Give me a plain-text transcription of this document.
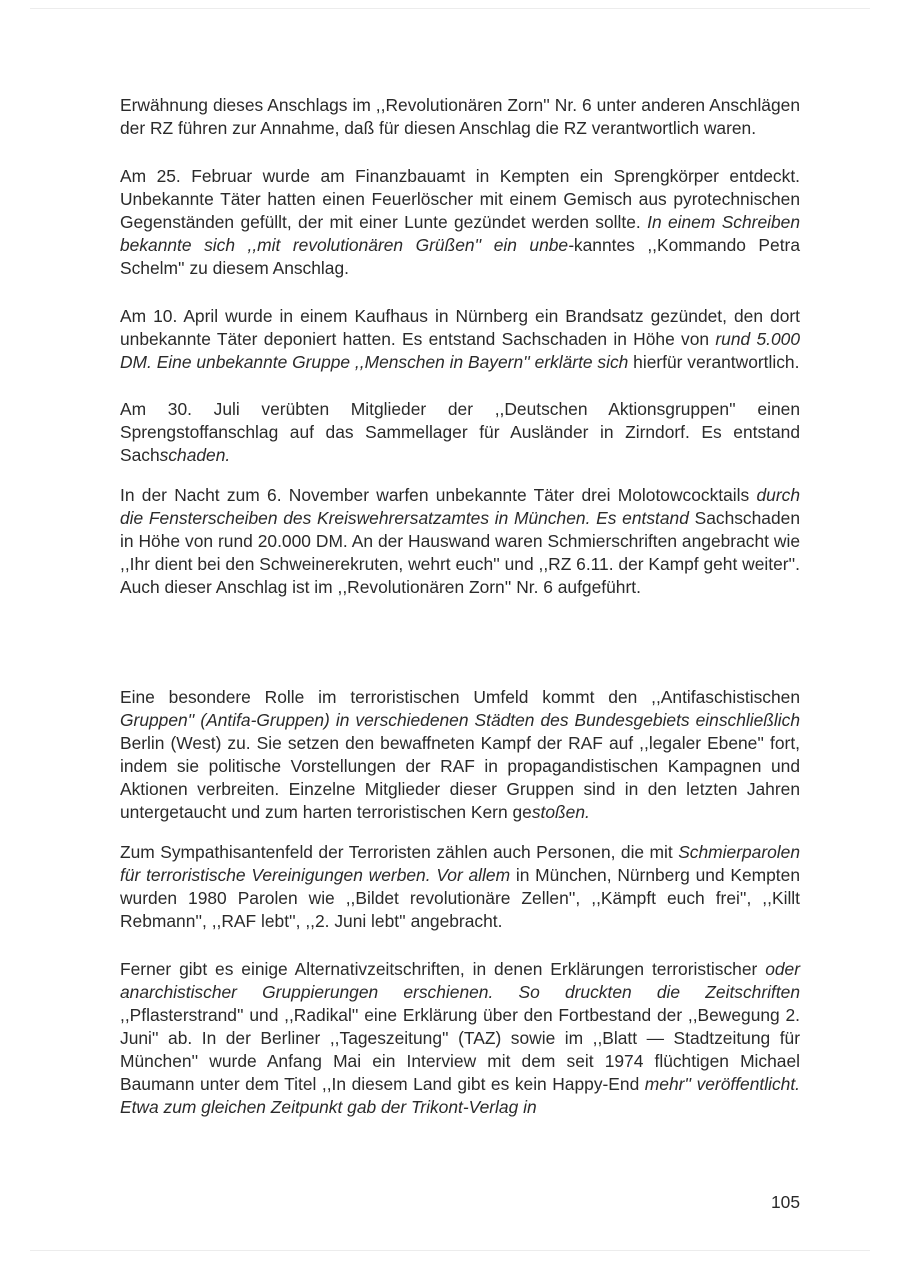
Erwähnung dieses Anschlags im ,,Revolutionären Zorn'' Nr. 6 unter anderen Anschlägen der RZ führen zur Annahme, daß für diesen Anschlag die RZ verantwortlich waren.

Am 25. Februar wurde am Finanzbauamt in Kempten ein Sprengkörper entdeckt. Unbekannte Täter hatten einen Feuerlöscher mit einem Gemisch aus pyrotechnischen Gegenständen gefüllt, der mit einer Lunte gezündet werden sollte. In einem Schreiben bekannte sich ,,mit revolutionären Grüßen'' ein unbe-kanntes ,,Kommando Petra Schelm'' zu diesem Anschlag.

Am 10. April wurde in einem Kaufhaus in Nürnberg ein Brandsatz gezündet, den dort unbekannte Täter deponiert hatten. Es entstand Sachschaden in Höhe von rund 5.000 DM. Eine unbekannte Gruppe ,,Menschen in Bayern'' erklärte sich hierfür verantwortlich.

Am 30. Juli verübten Mitglieder der ,,Deutschen Aktionsgruppen'' einen Sprengstoffanschlag auf das Sammellager für Ausländer in Zirndorf. Es entstand Sachschaden.

In der Nacht zum 6. November warfen unbekannte Täter drei Molotowcocktails durch die Fensterscheiben des Kreiswehrersatzamtes in München. Es entstand Sachschaden in Höhe von rund 20.000 DM. An der Hauswand waren Schmierschriften angebracht wie ,,Ihr dient bei den Schweinerekruten, wehrt euch'' und ,,RZ 6.11. der Kampf geht weiter''. Auch dieser Anschlag ist im ,,Revolutionären Zorn'' Nr. 6 aufgeführt.

Eine besondere Rolle im terroristischen Umfeld kommt den ,,Antifaschistischen Gruppen'' (Antifa-Gruppen) in verschiedenen Städten des Bundesgebiets einschließlich Berlin (West) zu. Sie setzen den bewaffneten Kampf der RAF auf ,,legaler Ebene'' fort, indem sie politische Vorstellungen der RAF in propagandistischen Kampagnen und Aktionen verbreiten. Einzelne Mitglieder dieser Gruppen sind in den letzten Jahren untergetaucht und zum harten terroristischen Kern gestoßen.

Zum Sympathisantenfeld der Terroristen zählen auch Personen, die mit Schmierparolen für terroristische Vereinigungen werben. Vor allem in München, Nürnberg und Kempten wurden 1980 Parolen wie ,,Bildet revolutionäre Zellen'', ,,Kämpft euch frei'', ,,Killt Rebmann'', ,,RAF lebt'', ,,2. Juni lebt'' angebracht.

Ferner gibt es einige Alternativzeitschriften, in denen Erklärungen terroristischer oder anarchistischer Gruppierungen erschienen. So druckten die Zeitschriften ,,Pflasterstrand'' und ,,Radikal'' eine Erklärung über den Fortbestand der ,,Bewegung 2. Juni'' ab. In der Berliner ,,Tageszeitung'' (TAZ) sowie im ,,Blatt — Stadtzeitung für München'' wurde Anfang Mai ein Interview mit dem seit 1974 flüchtigen Michael Baumann unter dem Titel ,,In diesem Land gibt es kein Happy-End mehr'' veröffentlicht. Etwa zum gleichen Zeitpunkt gab der Trikont-Verlag in

105
